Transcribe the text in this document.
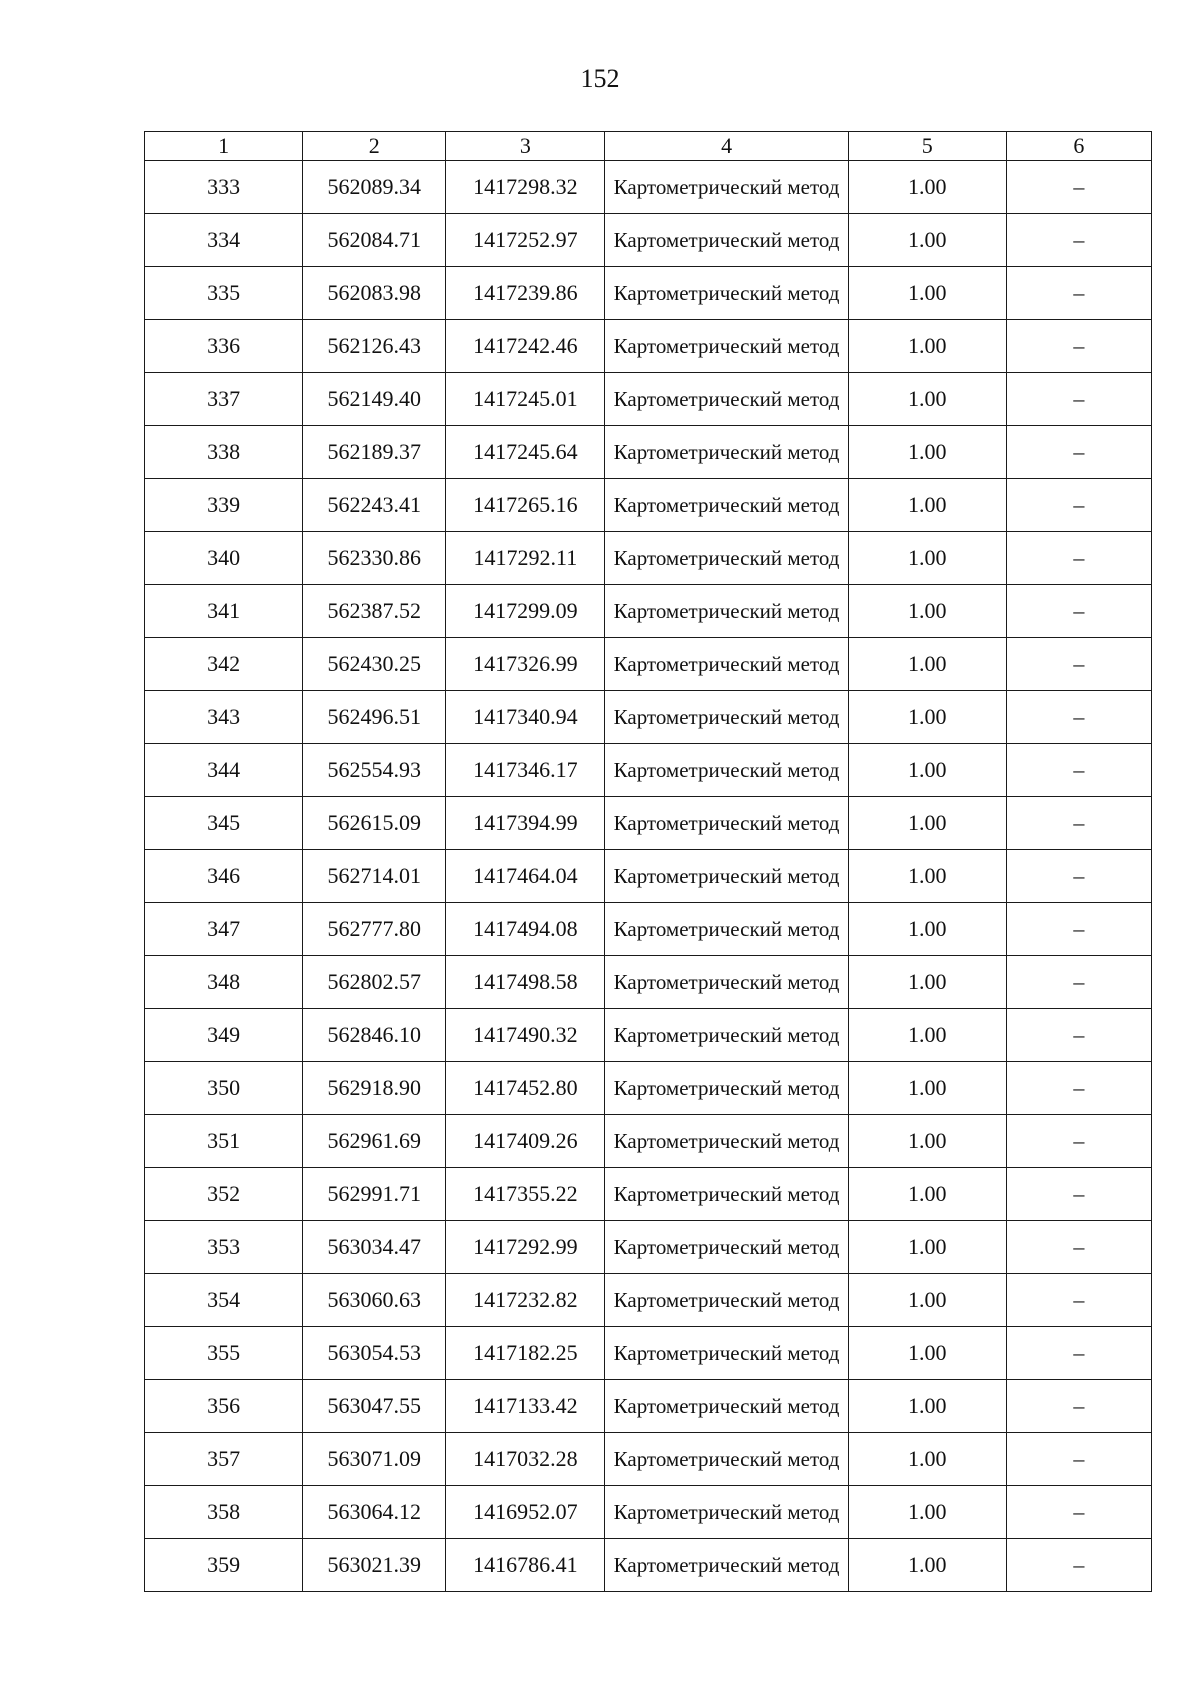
152
1	2	3	4	5	6
333	562089.34	1417298.32	Картометрический метод	1.00	–
334	562084.71	1417252.97	Картометрический метод	1.00	–
335	562083.98	1417239.86	Картометрический метод	1.00	–
336	562126.43	1417242.46	Картометрический метод	1.00	–
337	562149.40	1417245.01	Картометрический метод	1.00	–
338	562189.37	1417245.64	Картометрический метод	1.00	–
339	562243.41	1417265.16	Картометрический метод	1.00	–
340	562330.86	1417292.11	Картометрический метод	1.00	–
341	562387.52	1417299.09	Картометрический метод	1.00	–
342	562430.25	1417326.99	Картометрический метод	1.00	–
343	562496.51	1417340.94	Картометрический метод	1.00	–
344	562554.93	1417346.17	Картометрический метод	1.00	–
345	562615.09	1417394.99	Картометрический метод	1.00	–
346	562714.01	1417464.04	Картометрический метод	1.00	–
347	562777.80	1417494.08	Картометрический метод	1.00	–
348	562802.57	1417498.58	Картометрический метод	1.00	–
349	562846.10	1417490.32	Картометрический метод	1.00	–
350	562918.90	1417452.80	Картометрический метод	1.00	–
351	562961.69	1417409.26	Картометрический метод	1.00	–
352	562991.71	1417355.22	Картометрический метод	1.00	–
353	563034.47	1417292.99	Картометрический метод	1.00	–
354	563060.63	1417232.82	Картометрический метод	1.00	–
355	563054.53	1417182.25	Картометрический метод	1.00	–
356	563047.55	1417133.42	Картометрический метод	1.00	–
357	563071.09	1417032.28	Картометрический метод	1.00	–
358	563064.12	1416952.07	Картометрический метод	1.00	–
359	563021.39	1416786.41	Картометрический метод	1.00	–
